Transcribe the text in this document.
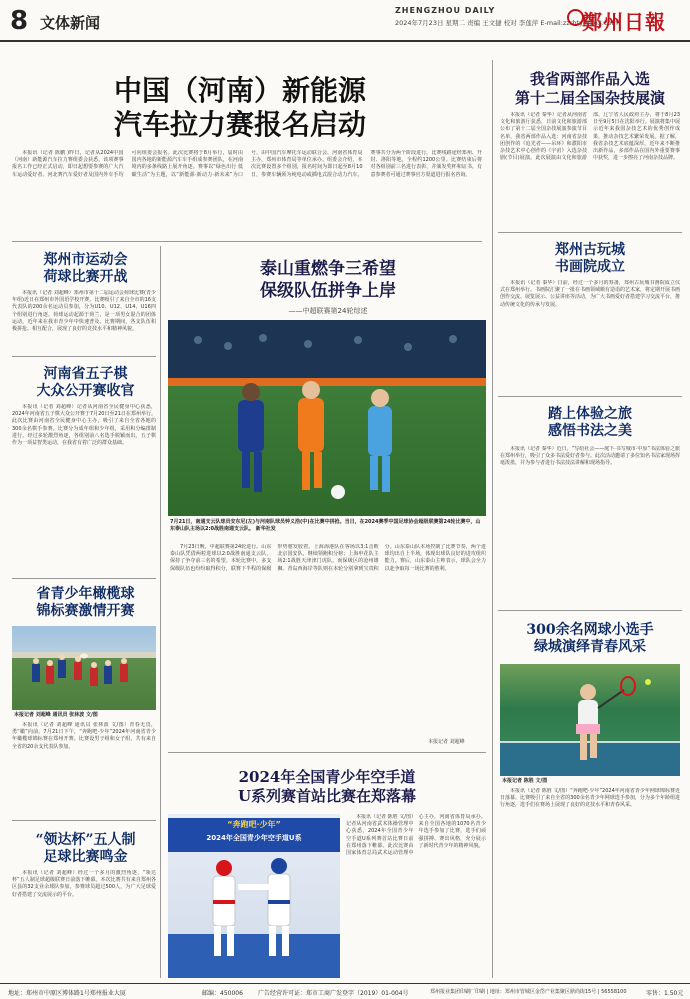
8 文体新闻
ZHENGZHOU DAILY
2024年7月23日 星期二 责编 王文捷 校对 李莲萍 E-mail:zzrbty@163.com
鄭州日報
中国（河南）新能源
汽车拉力赛报名启动

本报讯（记者 陈鹏 )昨日，记者从2024中国（河南）新能源汽车拉力赛组委会获悉，该项赛事报名工作已经正式启动，即日起想要参赛的广大汽车运动爱好者、河北赛汽车爱好者及国内外车手均可向组委会报名。此次比赛将于8月举行，届时由国内各地的新能源汽车车手组成参赛团队，在河南境内的多条线路上展开角逐。赛事以“绿色出行 低碳生活”为主题，以“新能源·新动力·新未来”为口号，由中国汽车摩托车运动联合会、河南省体育局主办，郑州市体育局等单位承办。组委会介绍，本次比赛设置多个组别，报名时间为即日起至8月10日，参赛车辆须为纯电动或插电式混合动力汽车。赛事共分为两个阶段进行，比赛线路途经郑州、开封、洛阳等地，全程约1200公里。比赛结束后将对各组别前三名进行表彰，并颁发奖杯和证书。有意参赛者可通过赛事官方渠道进行报名咨询。

我省两部作品入选
第十二届全国杂技展演

本报讯（记者 秦华）记者从河南省文化和旅游厅获悉，日前文化和旅游部公布了第十二届全国杂技展演参演节目名单，我省两部作品入选：河南省杂技团创作的《追光者——吊环》和濮阳市杂技艺术中心创作的《宇宙》入选杂技剧(节目)展演。此次展演由文化和旅游部、辽宁省人民政府主办，将于8月23日至9月5日在沈阳举行。展演将集中展示近年来我国杂技艺术的优秀创作成果，推动杂技艺术繁荣发展。据了解，我省杂技艺术底蕴深厚，近年来不断推出新作品，多部作品在国内外重要赛事中获奖，进一步擦亮了河南杂技品牌。

郑州市运动会
荷球比赛开战

本报讯（记者 刘超峰）郑州市第十二届运动会荷球比赛(青少年组)近日在郑州市外国语学校开赛。比赛吸引了来自全市的16支代表队的200余名运动员参加，分为U10、U12、U14、U16四个组别进行角逐。荷球运动起源于荷兰，是一项男女混合的团体运动，近年来在我市青少年中快速普及。比赛期间，各支队伍积极拼抢、相互配合，展现了良好的竞技水平和精神风貌。

河南省五子棋
大众公开赛收官

本报讯（记者 刘超峰）记者从河南省全民健身中心获悉，2024年河南省五子棋大众公开赛于7月20日至21日在郑州举行。此次比赛由河南省全民健身中心主办，吸引了来自全省各地的300余名棋手参赛。比赛分为成年组和少年组，采用积分编排制进行。经过多轮激烈角逐，各组别前八名选手脱颖而出。五子棋作为一项益智类运动，在我省有着广泛的群众基础。

省青少年橄榄球
锦标赛激情开赛
本报记者 刘超峰 通讯员 张林波 文/图

本报讯（记者 刘超峰 通讯员 张林波 文/图）青春无畏，勇“橄”向前。7月21日下午，“奔跑吧·少年”2024年河南省青少年橄榄球锦标赛在郑州开赛。比赛设男子组和女子组，共有来自全省的20余支代表队参加。

“领达杯”五人制
足球比赛鸣金

本报讯（记者 刘超峰）经过一个多月的激烈角逐，“领达杯”五人制足球超级联赛日前落下帷幕。本次比赛共有来自郑州各区县的32支业余球队参加，参赛球员超过500人，为广大足球爱好者搭建了交流展示的平台。

泰山重燃争三希望
保级队伍拼争上岸
——中超联赛第24轮综述
7月21日，南通支云队球员安东尼(左)与河南队球员钟义浩(中)在比赛中拼抢。当日，在2024赛季中国足球协会超级联赛第24轮比赛中，山东泰山队主场以2:0战胜南通支云队。 新华社发

7月23日晚，中超联赛第24轮进行。山东泰山队凭借两粒进球以2:0战胜南通支云队，保持了争夺前三名的希望。本轮比赛中，多支保级队伍也纷纷取得积分，联赛下半程的保级形势愈发胶着。上海海港队在客场以3:1击败北京国安队，继续领跑积分榜；上海申花队主场2:1战胜天津津门虎队。而保级区的沧州雄狮、青岛西海岸等队则在本轮分别拿到宝贵积分。山东泰山队本场控制了比赛节奏，两个进球均出自上半场，体现出球队良好的进攻组织能力。赛后，山东泰山主帅表示，球队会全力以赴争取每一场比赛的胜利。

本报记者 刘超峰
2024年全国青少年空手道
U系列赛首站比赛在郑落幕
“奔跑吧·少年”
2024年全国青少年空手道U系

本报讯（记者 陈胜 文/图）记者从河南省武术体操管理中心获悉，2024年全国青少年空手道U系列赛首站比赛日前在郑州落下帷幕。此次比赛由国家体育总局武术运动管理中心主办，河南省体育局承办。来自全国各地的1070名青少年选手参加了比赛，选手们顽强拼搏、赛出风格，充分展示了新时代青少年的精神风貌。

郑州古玩城
书画院成立

本报讯（记者 秦华）日前，经过一个多月的筹备，郑州古玩城书画院成立仪式在郑州举行。书画院汇聚了一批在书画领域颇有造诣的艺术家，将定期开展书画创作交流、展览展示、公益讲座等活动，为广大书画爱好者搭建学习交流平台，推动传统文化的传承与发展。

踏上体验之旅
感悟书法之美

本报讯（记者 秦华）近日，“写给社会——庭下·书写城市·中原”书法体验之旅在郑州举行，吸引了众多书法爱好者参与。此次活动邀请了多位知名书法家现场挥毫泼墨，并为参与者进行书法技法讲解和现场指导。

300余名网球小选手
绿城演绎青春风采
本报记者 陈胜 文/图

本报讯（记者 陈胜 文/图）“奔跑吧·少年”2024年河南省青少年网球锦标赛近日落幕。比赛吸引了来自全省的300余名青少年网球选手参加，分为多个年龄组进行角逐，选手们在赛场上展现了良好的竞技水平和青春风采。

地址：郑州市中原区博体路1号郑州报业大厦	邮编：450006	广告经营许可证：郑市工商广发登字（2019）01-004号	郑州报业集团印刷厂印刷 | 地址：郑州市管城区金岱产业集聚区鼎尚街15号 | 56558100	零售：1.50元
